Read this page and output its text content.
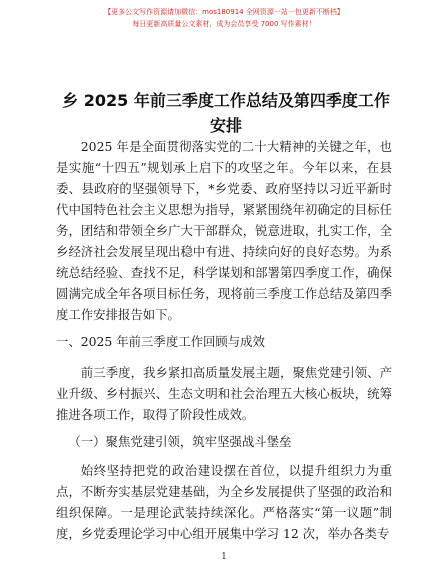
【更多公文写作资源请加微信：mos180914 全网资源一站一包更新不断档】
每日更新高质量公文素材，成为会员享受 7000 写作素材！
乡 2025 年前三季度工作总结及第四季度工作安排

2025 年是全面贯彻落实党的二十大精神的关键之年，也是实施“十四五”规划承上启下的攻坚之年。今年以来，在县委、县政府的坚强领导下，*乡党委、政府坚持以习近平新时代中国特色社会主义思想为指导，紧紧围绕年初确定的目标任务，团结和带领全乡广大干部群众，锐意进取，扎实工作，全乡经济社会发展呈现出稳中有进、持续向好的良好态势。为系统总结经验、查找不足，科学谋划和部署第四季度工作，确保圆满完成全年各项目标任务，现将前三季度工作总结及第四季度工作安排报告如下。

一、2025 年前三季度工作回顾与成效

前三季度，我乡紧扣高质量发展主题，聚焦党建引领、产业升级、乡村振兴、生态文明和社会治理五大核心板块，统筹推进各项工作，取得了阶段性成效。

（一）聚焦党建引领，筑牢坚强战斗堡垒

始终坚持把党的政治建设摆在首位，以提升组织力为重点，不断夯实基层党建基础，为全乡发展提供了坚强的政治和组织保障。一是理论武装持续深化。严格落实“第一议题”制度，乡党委理论学习中心组开展集中学习 12 次，举办各类专

1
